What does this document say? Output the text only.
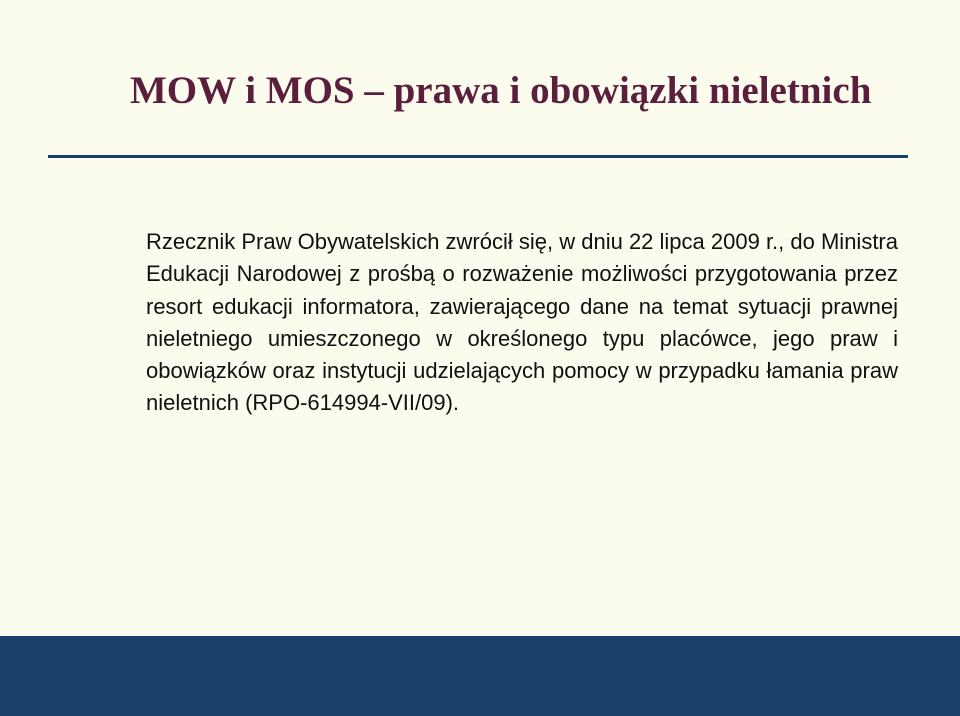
MOW i MOS – prawa i obowiązki nieletnich

Rzecznik Praw Obywatelskich zwrócił się, w dniu 22 lipca 2009 r., do Ministra Edukacji Narodowej z prośbą o rozważenie możliwości przygotowania przez resort edukacji informatora, zawierającego dane na temat sytuacji prawnej nieletniego umieszczonego w określonego typu placówce, jego praw i obowiązków oraz instytucji udzielających pomocy w przypadku łamania praw nieletnich (RPO-614994-VII/09).
